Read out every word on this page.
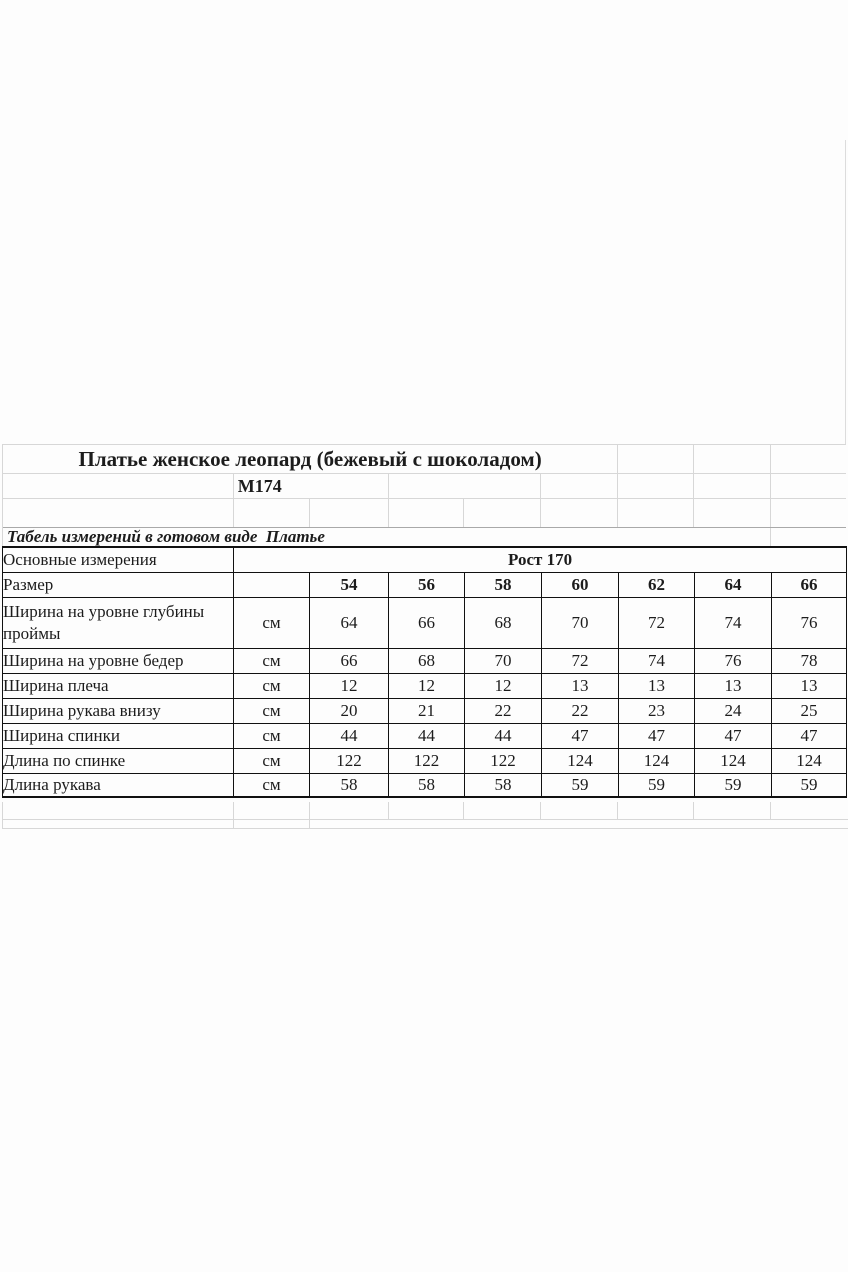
Платье женское леопард (бежевый с шоколадом)
М174
Табель измерений в готовом виде  Платье
Основные измерения	Рост 170							
Размер		54	56	58	60	62	64	66
Ширина на уровне глубины проймы	см	64	66	68	70	72	74	76
Ширина на уровне бедер	см	66	68	70	72	74	76	78
Ширина плеча	см	12	12	12	13	13	13	13
Ширина рукава внизу	см	20	21	22	22	23	24	25
Ширина спинки	см	44	44	44	47	47	47	47
Длина по спинке	см	122	122	122	124	124	124	124
Длина рукава	см	58	58	58	59	59	59	59
